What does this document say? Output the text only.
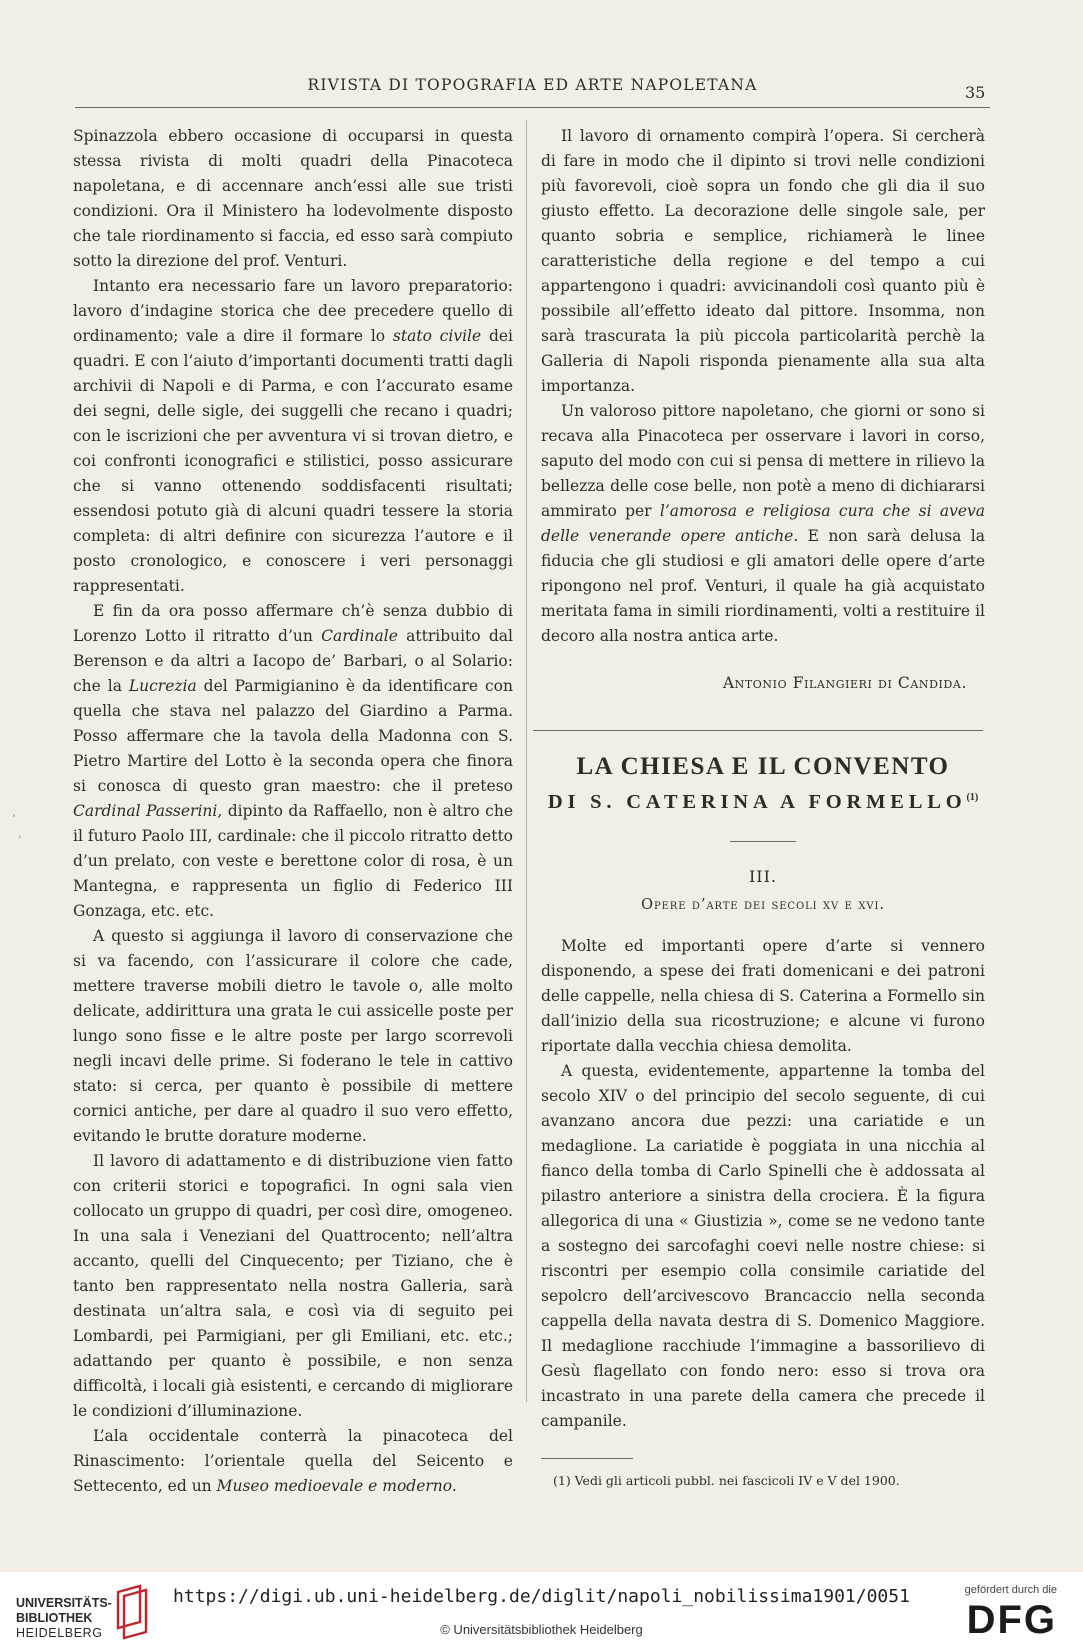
RIVISTA DI TOPOGRAFIA ED ARTE NAPOLETANA	35
’
‚

Spinazzola ebbero occasione di occuparsi in questa stessa rivista di molti quadri della Pinacoteca napoletana, e di accennare anch’essi alle sue tristi condizioni. Ora il Ministero ha lodevolmente disposto che tale riordinamento si faccia, ed esso sarà compiuto sotto la direzione del prof. Venturi.

Intanto era necessario fare un lavoro preparatorio: lavoro d’indagine storica che dee precedere quello di ordinamento; vale a dire il formare lo stato civile dei quadri. E con l’aiuto d’importanti documenti tratti dagli archivii di Napoli e di Parma, e con l’accurato esame dei segni, delle sigle, dei suggelli che recano i quadri; con le iscrizioni che per avventura vi si trovan dietro, e coi confronti iconografici e stilistici, posso assicurare che si vanno ottenendo soddisfacenti risultati; essendosi potuto già di alcuni quadri tessere la storia completa: di altri definire con sicurezza l’autore e il posto cronologico, e conoscere i veri personaggi rappresentati.

E fin da ora posso affermare ch’è senza dubbio di Lorenzo Lotto il ritratto d’un Cardinale attribuito dal Berenson e da altri a Iacopo de’ Barbari, o al Solario: che la Lucrezia del Parmigianino è da identificare con quella che stava nel palazzo del Giardino a Parma. Posso affermare che la tavola della Madonna con S. Pietro Martire del Lotto è la seconda opera che finora si conosca di questo gran maestro: che il preteso Cardinal Passerini, dipinto da Raffaello, non è altro che il futuro Paolo III, cardinale: che il piccolo ritratto detto d’un prelato, con veste e berettone color di rosa, è un Mantegna, e rappresenta un figlio di Federico III Gonzaga, etc. etc.

A questo si aggiunga il lavoro di conservazione che si va facendo, con l’assicurare il colore che cade, mettere traverse mobili dietro le tavole o, alle molto delicate, addirittura una grata le cui assicelle poste per lungo sono fisse e le altre poste per largo scorrevoli negli incavi delle prime. Si foderano le tele in cattivo stato: si cerca, per quanto è possibile di mettere cornici antiche, per dare al quadro il suo vero effetto, evitando le brutte dorature moderne.

Il lavoro di adattamento e di distribuzione vien fatto con criterii storici e topografici. In ogni sala vien collocato un gruppo di quadri, per così dire, omogeneo. In una sala i Veneziani del Quattrocento; nell’altra accanto, quelli del Cinquecento; per Tiziano, che è tanto ben rappresentato nella nostra Galleria, sarà destinata un’altra sala, e così via di seguito pei Lombardi, pei Parmigiani, per gli Emiliani, etc. etc.; adattando per quanto è possibile, e non senza difficoltà, i locali già esistenti, e cercando di migliorare le condizioni d’illuminazione.

L’ala occidentale conterrà la pinacoteca del Rinascimento: l’orientale quella del Seicento e Settecento, ed un Museo medioevale e moderno.

Il lavoro di ornamento compirà l’opera. Si cercherà di fare in modo che il dipinto si trovi nelle condizioni più favorevoli, cioè sopra un fondo che gli dia il suo giusto effetto. La decorazione delle singole sale, per quanto sobria e semplice, richiamerà le linee caratteristiche della regione e del tempo a cui appartengono i quadri: avvicinandoli così quanto più è possibile all’effetto ideato dal pittore. Insomma, non sarà trascurata la più piccola particolarità perchè la Galleria di Napoli risponda pienamente alla sua alta importanza.

Un valoroso pittore napoletano, che giorni or sono si recava alla Pinacoteca per osservare i lavori in corso, saputo del modo con cui si pensa di mettere in rilievo la bellezza delle cose belle, non potè a meno di dichiararsi ammirato per l’amorosa e religiosa cura che si aveva delle venerande opere antiche. E non sarà delusa la fiducia che gli studiosi e gli amatori delle opere d’arte ripongono nel prof. Venturi, il quale ha già acquistato meritata fama in simili riordinamenti, volti a restituire il decoro alla nostra antica arte.

Antonio Filangieri di Candida.

LA CHIESA E IL CONVENTO
DI S. CATERINA A FORMELLO$^{(1)}$

III.

Opere d’arte dei secoli xv e xvi.

Molte ed importanti opere d’arte si vennero disponendo, a spese dei frati domenicani e dei patroni delle cappelle, nella chiesa di S. Caterina a Formello sin dall’inizio della sua ricostruzione; e alcune vi furono riportate dalla vecchia chiesa demolita.

A questa, evidentemente, appartenne la tomba del secolo XIV o del principio del secolo seguente, di cui avanzano ancora due pezzi: una cariatide e un medaglione. La cariatide è poggiata in una nicchia al fianco della tomba di Carlo Spinelli che è addossata al pilastro anteriore a sinistra della crociera. È la figura allegorica di una « Giustizia », come se ne vedono tante a sostegno dei sarcofaghi coevi nelle nostre chiese: si riscontri per esempio colla consimile cariatide del sepolcro dell’arcivescovo Brancaccio nella seconda cappella della navata destra di S. Domenico Maggiore. Il medaglione racchiude l’immagine a bassorilievo di Gesù flagellato con fondo nero: esso si trova ora incastrato in una parete della camera che precede il campanile.

(1) Vedi gli articoli pubbl. nei fascicoli IV e V del 1900.

UNIVERSITÄTS-
BIBLIOTHEK
HEIDELBERG
https://digi.ub.uni-heidelberg.de/diglit/napoli_nobilissima1901/0051
© Universitätsbibliothek Heidelberg
gefördert durch die
DFG
